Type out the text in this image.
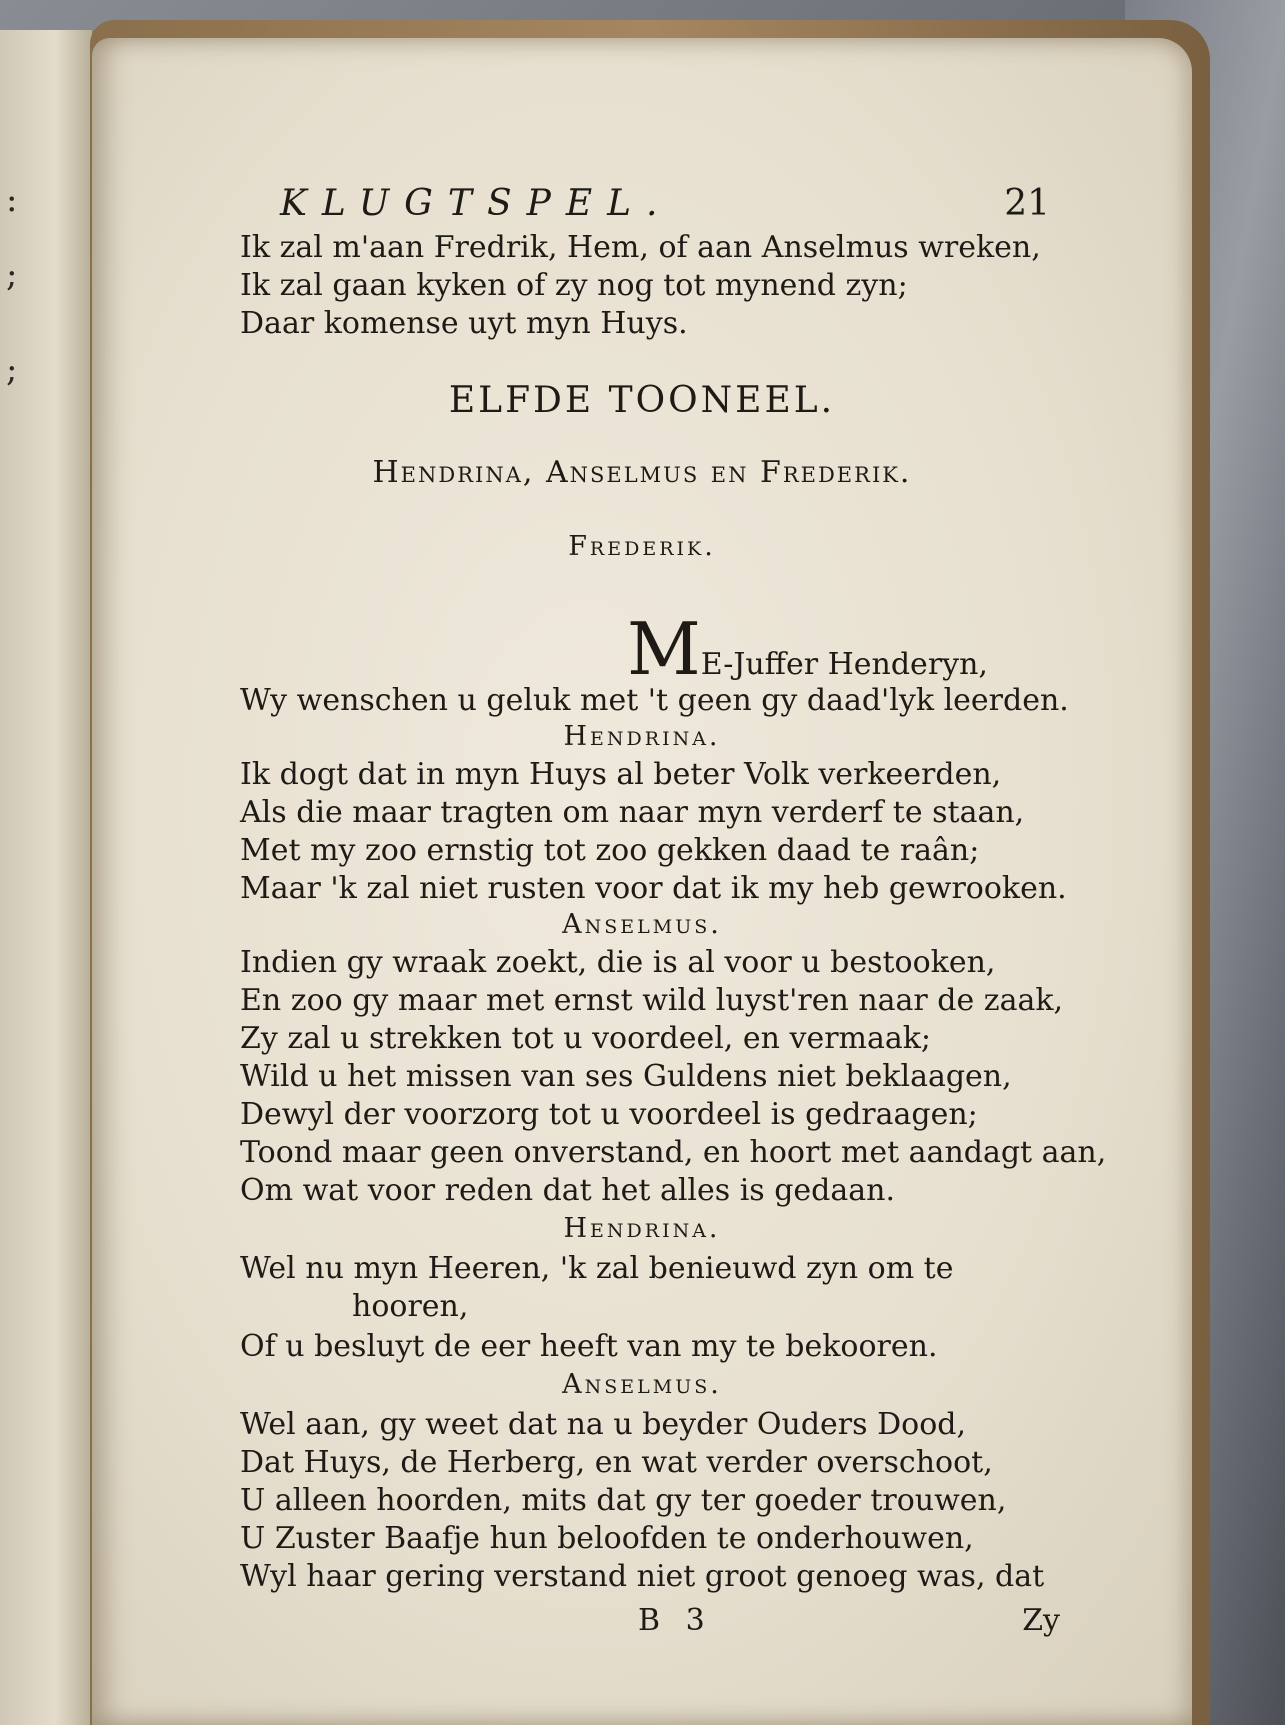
:
;
;
KLUGTSPEL.	21
Ik zal m'aan Fredrik, Hem, of aan Anselmus wreken,
Ik zal gaan kyken of zy nog tot mynend zyn;
Daar komense uyt myn Huys.
ELFDE TOONEEL.
Hendrina, Anselmus en Frederik.
Frederik.
ME-Juffer Henderyn,
Wy wenschen u geluk met 't geen gy daad'lyk leerden.
Hendrina.
Ik dogt dat in myn Huys al beter Volk verkeerden,
Als die maar tragten om naar myn verderf te staan,
Met my zoo ernstig tot zoo gekken daad te raân;
Maar 'k zal niet rusten voor dat ik my heb gewrooken.
Anselmus.
Indien gy wraak zoekt, die is al voor u bestooken,
En zoo gy maar met ernst wild luyst'ren naar de zaak,
Zy zal u strekken tot u voordeel, en vermaak;
Wild u het missen van ses Guldens niet beklaagen,
Dewyl der voorzorg tot u voordeel is gedraagen;
Toond maar geen onverstand, en hoort met aandagt aan,
Om wat voor reden dat het alles is gedaan.
Hendrina.
Wel nu myn Heeren, 'k zal benieuwd zyn om te
hooren,
Of u besluyt de eer heeft van my te bekooren.
Anselmus.
Wel aan, gy weet dat na u beyder Ouders Dood,
Dat Huys, de Herberg, en wat verder overschoot,
U alleen hoorden, mits dat gy ter goeder trouwen,
U Zuster Baafje hun beloofden te onderhouwen,
Wyl haar gering verstand niet groot genoeg was, dat
B 3	Zy
